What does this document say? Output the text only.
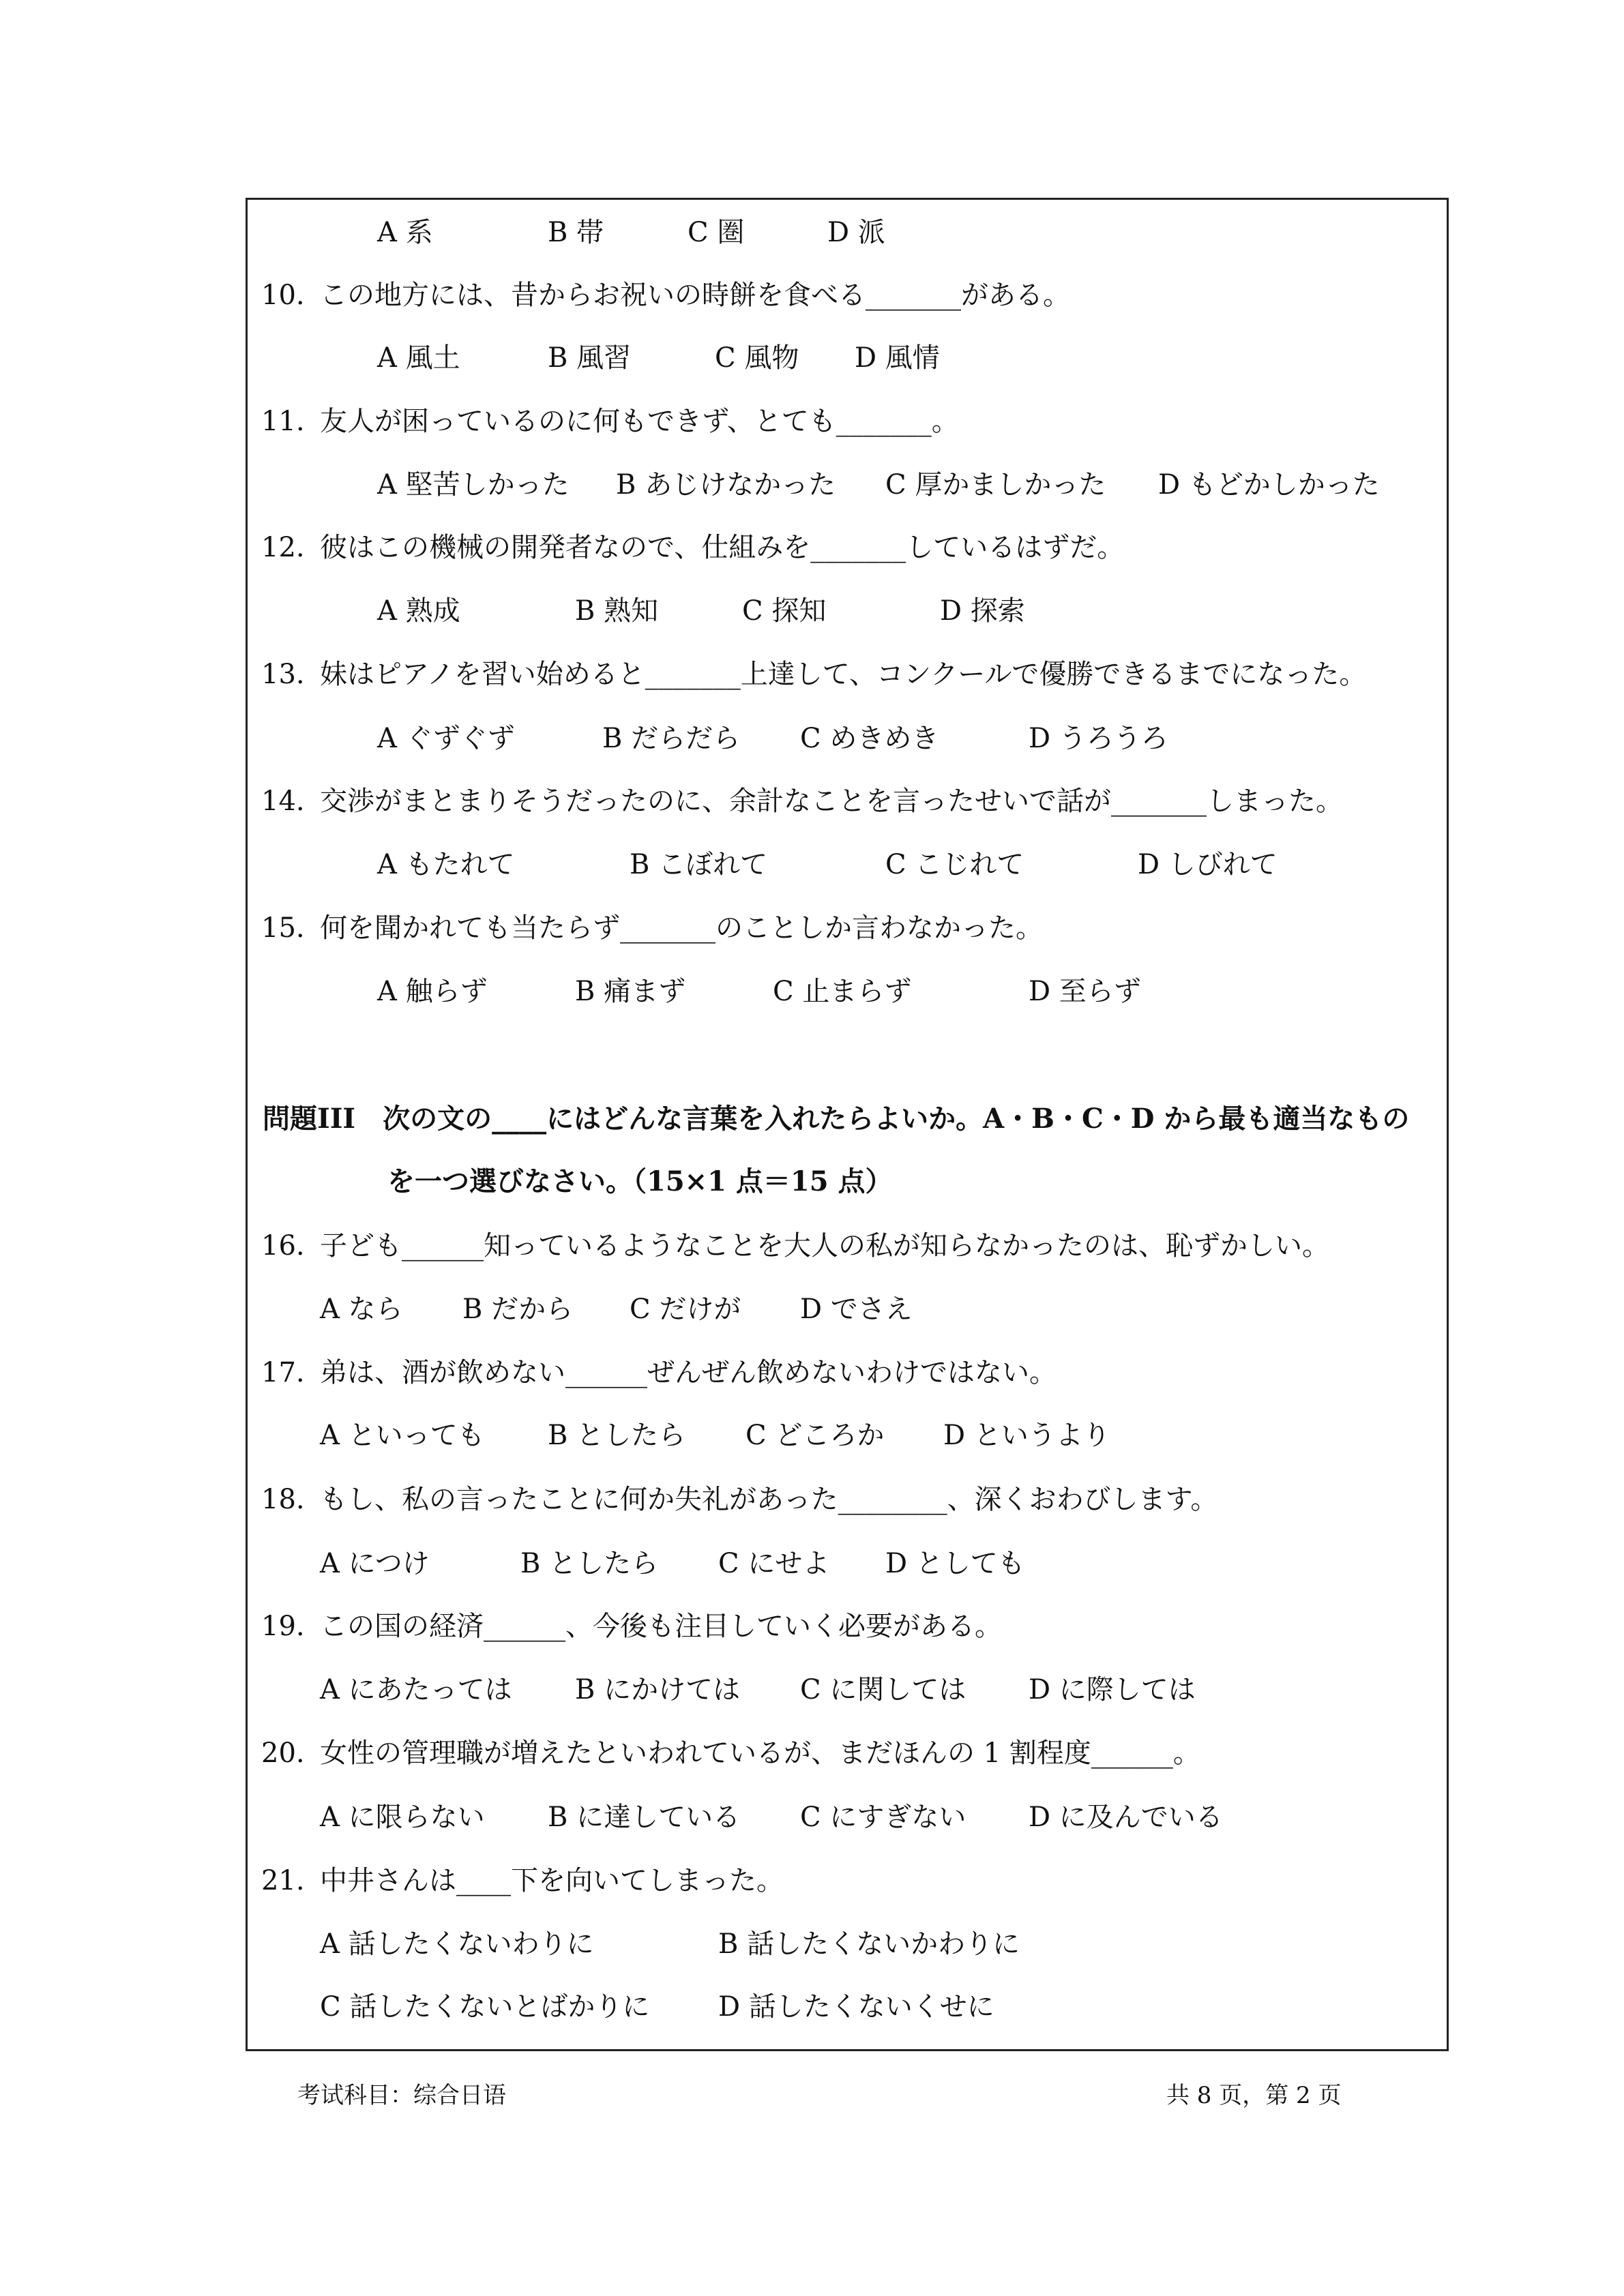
A 系	B 帯	C 圏	D 派
10. この地方には、昔からお祝いの時餅を食べる_______がある。
A 風土	B 風習	C 風物 D 風情
11. 友人が困っているのに何もできず、とても_______。
A 堅苦しかった B あじけなかった C 厚かましかった D もどかしかった
12. 彼はこの機械の開発者なので、仕組みを_______しているはずだ。
A 熟成	B 熟知	C 探知	D 探索
13. 妹はピアノを習い始めると_______上達して、コンクールで優勝できるまでになった。
A ぐずぐず	B だらだら C めきめき	D うろうろ
14. 交渉がまとまりそうだったのに、余計なことを言ったせいで話が_______しまった。
A もたれて	B こぼれて	C こじれて	D しびれて
15. 何を聞かれても当たらず_______のことしか言わなかった。
A 触らず	B 痛まず	C 止まらず	D 至らず
問題III　次の文の____にはどんな言葉を入れたらよいか。A・B・C・D から最も適当なもの
を一つ選びなさい。（15×1 点＝15 点）
16. 子ども______知っているようなことを大人の私が知らなかったのは、恥ずかしい。
A なら B だから C だけが D でさえ
17. 弟は、酒が飲めない______ぜんぜん飲めないわけではない。
A といっても B としたら C どころか D というより
18. もし、私の言ったことに何か失礼があった________、深くおわびします。
A につけ	B としたら C にせよ D としても
19. この国の経済______、今後も注目していく必要がある。
A にあたっては B にかけては C に関しては D に際しては
20. 女性の管理職が増えたといわれているが、まだほんの 1 割程度______。
A に限らない B に達している C にすぎない D に及んでいる
21. 中井さんは____下を向いてしまった。
A 話したくないわりに	B 話したくないかわりに
C 話したくないとばかりに	D 話したくないくせに
考试科目：综合日语	共 8 页，第 2 页
